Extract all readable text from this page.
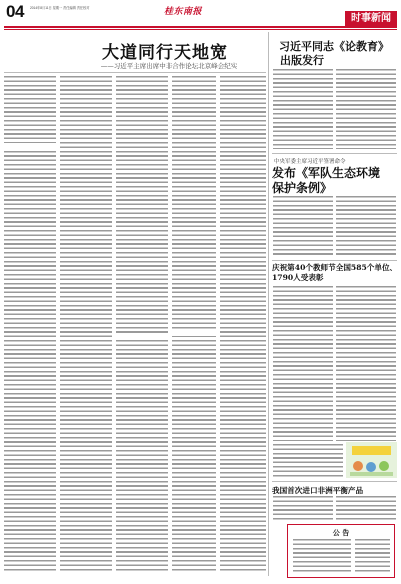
04 2014年8月11日 星期一 责任编辑 责任校对	桂东南报
时事新闻
大道同行天地宽
——习近平主席出席中非合作论坛北京峰会纪实
习近平同志《论教育》
出版发行
中央军委主席习近平签署命令
发布《军队生态环境
保护条例》
庆祝第40个教师节全国585个单位、1790人受表彰
我国首次进口非洲平衡产品
公 告
